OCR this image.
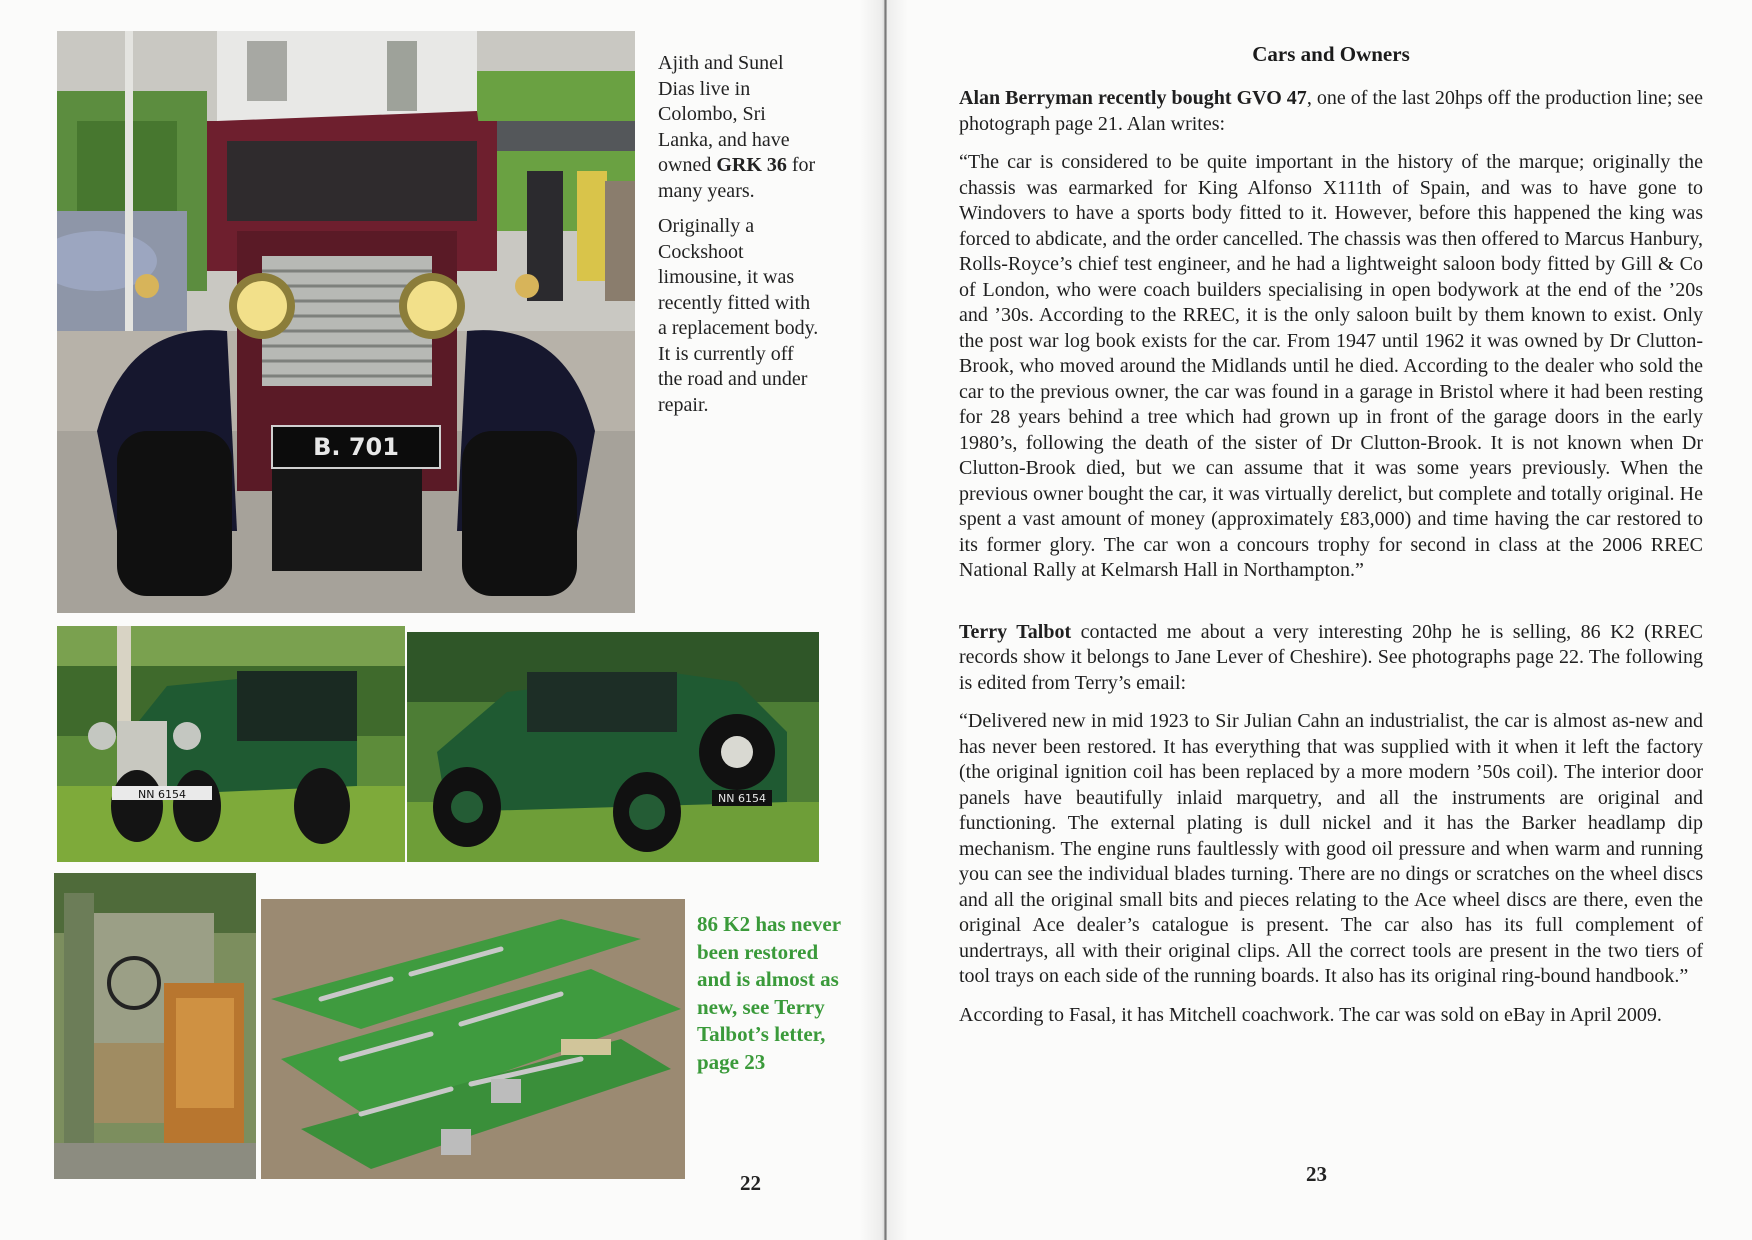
B. 701

Ajith and Sunel Dias live in Colombo, Sri Lanka, and have owned GRK 36 for many years.

Originally a Cockshoot limousine, it was recently fitted with a replacement body. It is currently off the road and under repair.

NN 6154	NN 6154
86 K2 has never been restored and is almost as new, see Terry Talbot’s letter, page 23
22
Cars and Owners

Alan Berryman recently bought GVO 47, one of the last 20hps off the production line; see photograph page 21. Alan writes:

“The car is considered to be quite important in the history of the marque; originally the chassis was earmarked for King Alfonso X111th of Spain, and was to have gone to Windovers to have a sports body fitted to it. However, before this happened the king was forced to abdicate, and the order cancelled. The chassis was then offered to Marcus Hanbury, Rolls-Royce’s chief test engineer, and he had a lightweight saloon body fitted by Gill & Co of London, who were coach builders specialising in open bodywork at the end of the ’20s and ’30s. According to the RREC, it is the only saloon built by them known to exist. Only the post war log book exists for the car. From 1947 until 1962 it was owned by Dr Clutton-Brook, who moved around the Midlands until he died. According to the dealer who sold the car to the previous owner, the car was found in a garage in Bristol where it had been resting for 28 years behind a tree which had grown up in front of the garage doors in the early 1980’s, following the death of the sister of Dr Clutton-Brook. It is not known when Dr Clutton-Brook died, but we can assume that it was some years previously. When the previous owner bought the car, it was virtually derelict, but complete and totally original. He spent a vast amount of money (approximately £83,000) and time having the car restored to its former glory. The car won a concours trophy for second in class at the 2006 RREC National Rally at Kelmarsh Hall in Northampton.”

Terry Talbot contacted me about a very interesting 20hp he is selling, 86 K2 (RREC records show it belongs to Jane Lever of Cheshire). See photographs page 22. The following is edited from Terry’s email:

“Delivered new in mid 1923 to Sir Julian Cahn an industrialist, the car is almost as-new and has never been restored. It has everything that was supplied with it when it left the factory (the original ignition coil has been replaced by a more modern ’50s coil). The interior door panels have beautifully inlaid marquetry, and all the instruments are original and functioning. The external plating is dull nickel and it has the Barker headlamp dip mechanism. The engine runs faultlessly with good oil pressure and when warm and running you can see the individual blades turning. There are no dings or scratches on the wheel discs and all the original small bits and pieces relating to the Ace wheel discs are there, even the original Ace dealer’s catalogue is present. The car also has its full complement of undertrays, all with their original clips. All the correct tools are present in the two tiers of tool trays on each side of the running boards. It also has its original ring-bound handbook.”

According to Fasal, it has Mitchell coachwork. The car was sold on eBay in April 2009.

23
